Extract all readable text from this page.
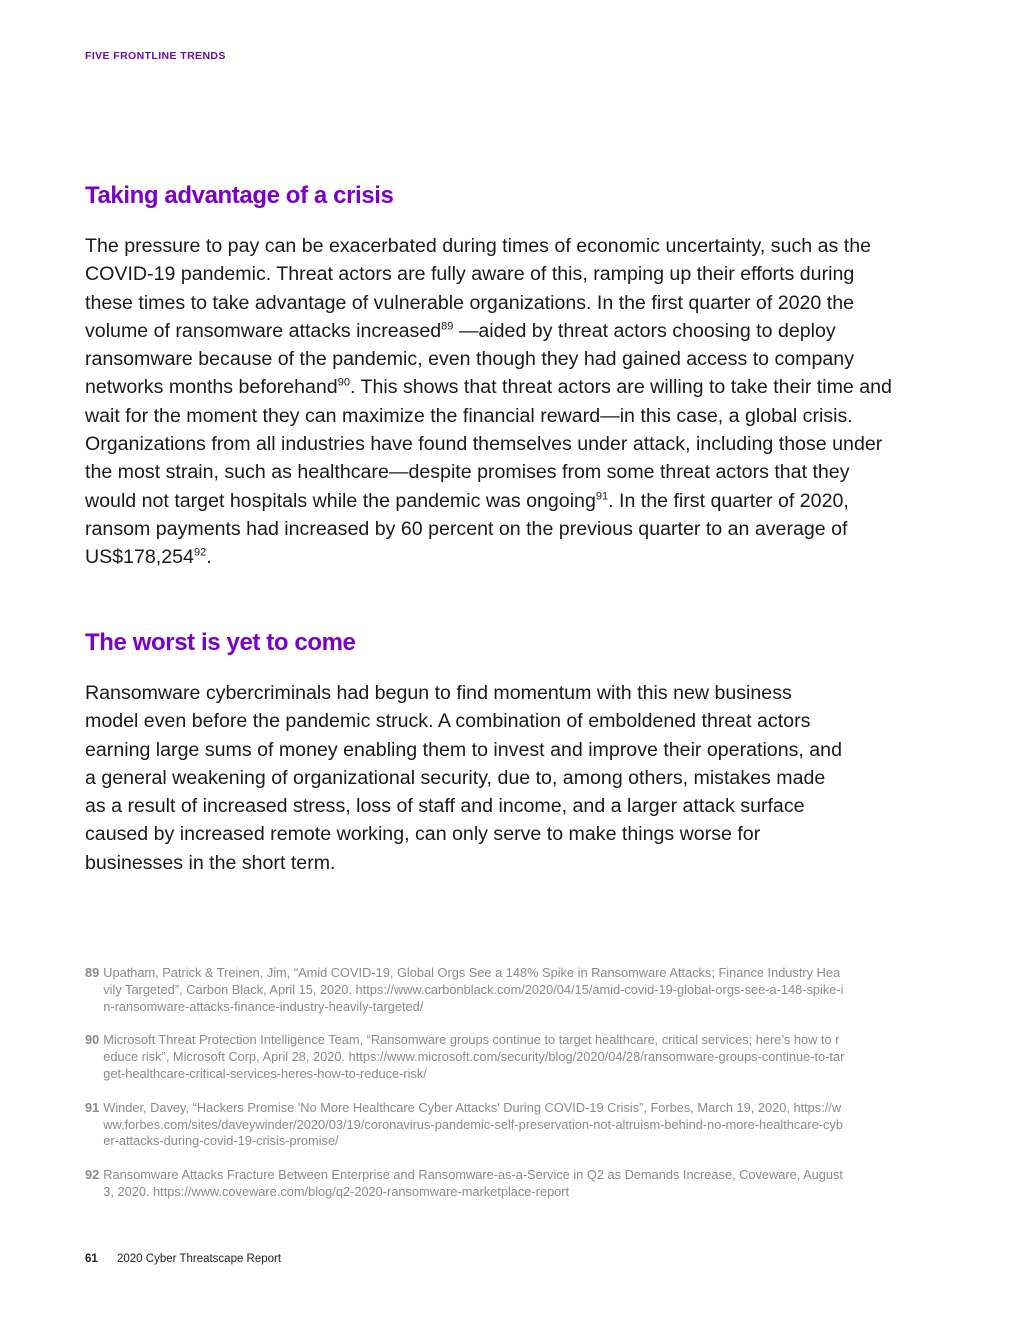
FIVE FRONTLINE TRENDS
Taking advantage of a crisis

The pressure to pay can be exacerbated during times of economic uncertainty, such as the COVID-19 pandemic. Threat actors are fully aware of this, ramping up their efforts during these times to take advantage of vulnerable organizations. In the first quarter of 2020 the volume of ransomware attacks increased$^{89}$ —aided by threat actors choosing to deploy ransomware because of the pandemic, even though they had gained access to company networks months beforehand$^{90}$. This shows that threat actors are willing to take their time and wait for the moment they can maximize the financial reward—in this case, a global crisis. Organizations from all industries have found themselves under attack, including those under the most strain, such as healthcare—despite promises from some threat actors that they would not target hospitals while the pandemic was ongoing$^{91}$. In the first quarter of 2020, ransom payments had increased by 60 percent on the previous quarter to an average of US$178,254$^{92}$.

The worst is yet to come

Ransomware cybercriminals had begun to find momentum with this new business model even before the pandemic struck. A combination of emboldened threat actors earning large sums of money enabling them to invest and improve their operations, and a general weakening of organizational security, due to, among others, mistakes made as a result of increased stress, loss of staff and income, and a larger attack surface caused by increased remote working, can only serve to make things worse for businesses in the short term.

89 Upatham, Patrick & Treinen, Jim, “Amid COVID-19, Global Orgs See a 148% Spike in Ransomware Attacks; Finance Industry Heavily Targeted”, Carbon Black, April 15, 2020. https://www.carbonblack.com/2020/04/15/amid-covid-19-global-orgs-see-a-148-spike-in-ransomware-attacks-finance-industry-heavily-targeted/
90 Microsoft Threat Protection Intelligence Team, “Ransomware groups continue to target healthcare, critical services; here’s how to reduce risk”, Microsoft Corp, April 28, 2020. https://www.microsoft.com/security/blog/2020/04/28/ransomware-groups-continue-to-target-healthcare-critical-services-heres-how-to-reduce-risk/
91 Winder, Davey, “Hackers Promise 'No More Healthcare Cyber Attacks' During COVID-19 Crisis”, Forbes, March 19, 2020, https://www.forbes.com/sites/daveywinder/2020/03/19/coronavirus-pandemic-self-preservation-not-altruism-behind-no-more-healthcare-cyber-attacks-during-covid-19-crisis-promise/
92 Ransomware Attacks Fracture Between Enterprise and Ransomware-as-a-Service in Q2 as Demands Increase, Coveware, August 3, 2020. https://www.coveware.com/blog/q2-2020-ransomware-marketplace-report
61 2020 Cyber Threatscape Report
